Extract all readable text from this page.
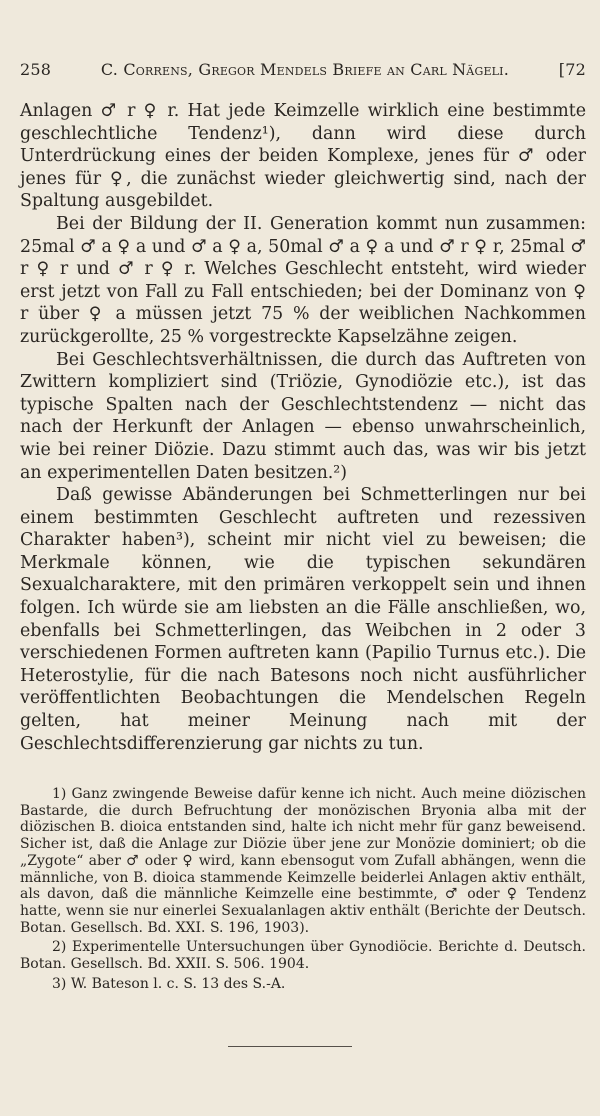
258	C. Correns, Gregor Mendels Briefe an Carl Nägeli.	[72

Anlagen ♂ r ♀ r. Hat jede Keimzelle wirklich eine bestimmte geschlechtliche Tendenz¹), dann wird diese durch Unterdrückung eines der beiden Komplexe, jenes für ♂ oder jenes für ♀, die zunächst wieder gleichwertig sind, nach der Spaltung ausgebildet.

Bei der Bildung der II. Generation kommt nun zusammen: 25mal ♂ a ♀ a und ♂ a ♀ a, 50mal ♂ a ♀ a und ♂ r ♀ r, 25mal ♂ r ♀ r und ♂ r ♀ r. Welches Geschlecht entsteht, wird wieder erst jetzt von Fall zu Fall entschieden; bei der Dominanz von ♀ r über ♀ a müssen jetzt 75 % der weiblichen Nachkommen zurückgerollte, 25 % vorgestreckte Kapselzähne zeigen.

Bei Geschlechtsverhältnissen, die durch das Auftreten von Zwittern kompliziert sind (Triözie, Gynodiözie etc.), ist das typische Spalten nach der Geschlechtstendenz — nicht das nach der Herkunft der Anlagen — ebenso unwahrscheinlich, wie bei reiner Diözie. Dazu stimmt auch das, was wir bis jetzt an experimentellen Daten besitzen.²)

Daß gewisse Abänderungen bei Schmetterlingen nur bei einem bestimmten Geschlecht auftreten und rezessiven Charakter haben³), scheint mir nicht viel zu beweisen; die Merkmale können, wie die typischen sekundären Sexualcharaktere, mit den primären verkoppelt sein und ihnen folgen. Ich würde sie am liebsten an die Fälle anschließen, wo, ebenfalls bei Schmetterlingen, das Weibchen in 2 oder 3 verschiedenen Formen auftreten kann (Papilio Turnus etc.). Die Heterostylie, für die nach Batesons noch nicht ausführlicher veröffentlichten Beobachtungen die Mendelschen Regeln gelten, hat meiner Meinung nach mit der Geschlechtsdifferenzierung gar nichts zu tun.

1) Ganz zwingende Beweise dafür kenne ich nicht. Auch meine diözischen Bastarde, die durch Befruchtung der monözischen Bryonia alba mit der diözischen B. dioica entstanden sind, halte ich nicht mehr für ganz beweisend. Sicher ist, daß die Anlage zur Diözie über jene zur Monözie dominiert; ob die „Zygote“ aber ♂ oder ♀ wird, kann ebensogut vom Zufall abhängen, wenn die männliche, von B. dioica stammende Keimzelle beiderlei Anlagen aktiv enthält, als davon, daß die männliche Keimzelle eine bestimmte, ♂ oder ♀ Tendenz hatte, wenn sie nur einerlei Sexualanlagen aktiv enthält (Berichte der Deutsch. Botan. Gesellsch. Bd. XXI. S. 196, 1903).

2) Experimentelle Untersuchungen über Gynodiöcie. Berichte d. Deutsch. Botan. Gesellsch. Bd. XXII. S. 506. 1904.

3) W. Bateson l. c. S. 13 des S.-A.
